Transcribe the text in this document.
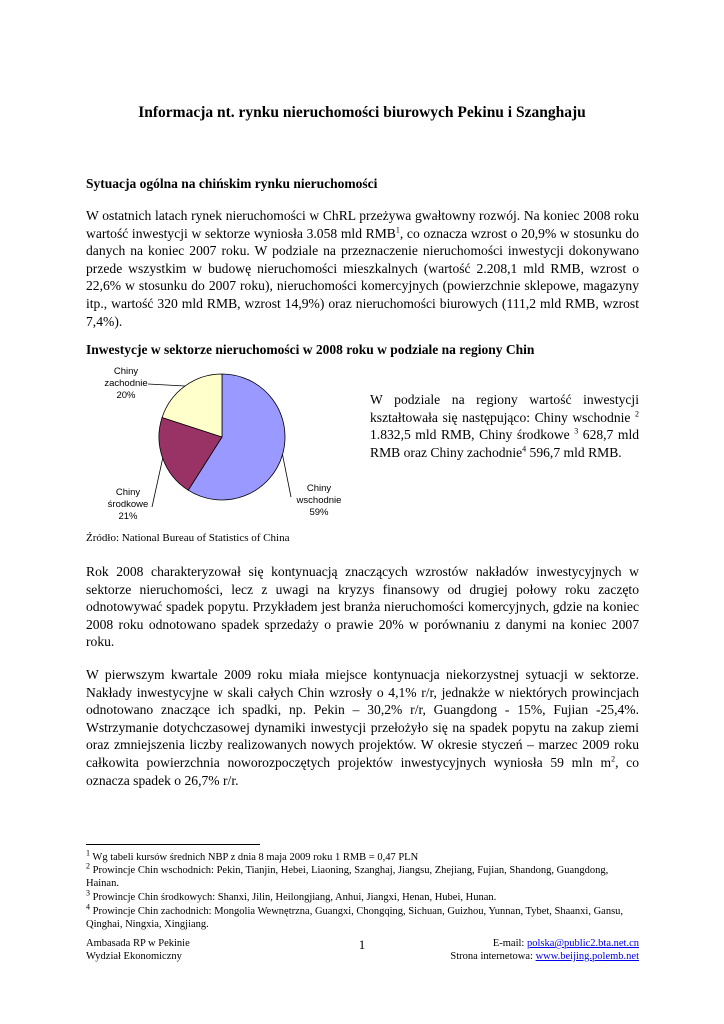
Informacja nt. rynku nieruchomości biurowych Pekinu i Szanghaju

Sytuacja ogólna na chińskim rynku nieruchomości

W ostatnich latach rynek nieruchomości w ChRL przeżywa gwałtowny rozwój. Na koniec 2008 roku wartość inwestycji w sektorze wyniosła 3.058 mld RMB$^1$, co oznacza wzrost o 20,9% w stosunku do danych na koniec 2007 roku. W podziale na przeznaczenie nieruchomości inwestycji dokonywano przede wszystkim w budowę nieruchomości mieszkalnych (wartość 2.208,1 mld RMB, wzrost o 22,6% w stosunku do 2007 roku), nieruchomości komercyjnych (powierzchnie sklepowe, magazyny itp., wartość 320 mld RMB, wzrost 14,9%) oraz nieruchomości biurowych (111,2 mld RMB, wzrost 7,4%).

Inwestycje w sektorze nieruchomości w 2008 roku w podziale na regiony Chin

Chiny
zachodnie
20%
Chiny
środkowe
21%
Chiny
wschodnie
59%

W podziale na regiony wartość inwestycji kształtowała się następująco: Chiny wschodnie $^2$ 1.832,5 mld RMB, Chiny środkowe $^3$ 628,7 mld RMB oraz Chiny zachodnie$^4$ 596,7 mld RMB.

Źródło: National Bureau of Statistics of China

Rok 2008 charakteryzował się kontynuacją znaczących wzrostów nakładów inwestycyjnych w sektorze nieruchomości, lecz z uwagi na kryzys finansowy od drugiej połowy roku zaczęto odnotowywać spadek popytu. Przykładem jest branża nieruchomości komercyjnych, gdzie na koniec 2008 roku odnotowano spadek sprzedaży o prawie 20% w porównaniu z danymi na koniec 2007 roku.

W pierwszym kwartale 2009 roku miała miejsce kontynuacja niekorzystnej sytuacji w sektorze. Nakłady inwestycyjne w skali całych Chin wzrosły o 4,1% r/r, jednakże w niektórych prowincjach odnotowano znaczące ich spadki, np. Pekin – 30,2% r/r, Guangdong - 15%, Fujian -25,4%. Wstrzymanie dotychczasowej dynamiki inwestycji przełożyło się na spadek popytu na zakup ziemi oraz zmniejszenia liczby realizowanych nowych projektów. W okresie styczeń – marzec 2009 roku całkowita powierzchnia noworozpoczętych projektów inwestycyjnych wyniosła 59 mln $m^2$, co oznacza spadek o 26,7% r/r.

$^1$ Wg tabeli kursów średnich NBP z dnia 8 maja 2009 roku 1 RMB = 0,47 PLN

$^2$ Prowincje Chin wschodnich: Pekin, Tianjin, Hebei, Liaoning, Szanghaj, Jiangsu, Zhejiang, Fujian, Shandong, Guangdong, Hainan.

$^3$ Prowincje Chin środkowych: Shanxi, Jilin, Heilongjiang, Anhui, Jiangxi, Henan, Hubei, Hunan.

$^4$ Prowincje Chin zachodnich: Mongolia Wewnętrzna, Guangxi, Chongqing, Sichuan, Guizhou, Yunnan, Tybet, Shaanxi, Gansu, Qinghai, Ningxia, Xingjiang.

Ambasada RP w Pekinie
Wydział Ekonomiczny
1	E-mail: polska@public2.bta.net.cn
Strona internetowa: www.beijing.polemb.net
